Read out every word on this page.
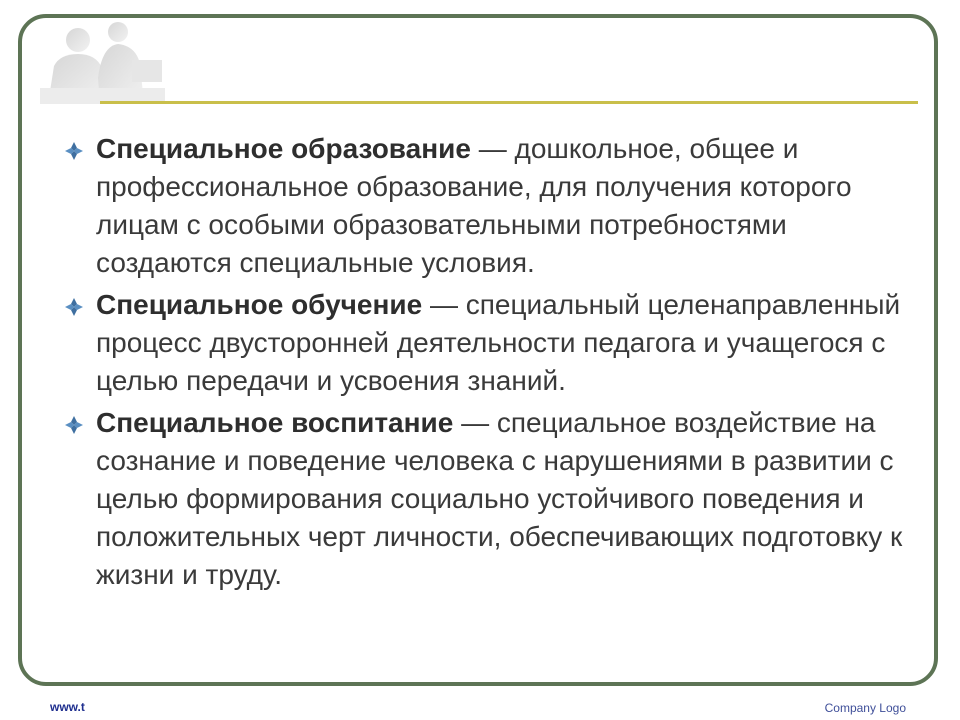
Специальное образование — дошкольное, общее и профессиональное образование, для получения которого лицам с особыми образовательными потребностями создаются специальные условия.
Специальное обучение — специальный целенаправленный процесс двусторонней деятельности педагога и учащегося с целью передачи и усвоения знаний.
Специальное воспитание — специальное воздействие на сознание и поведение человека с нарушениями в развитии с целью формирования социально устойчивого поведения и положительных черт личности, обеспечивающих подготовку к жизни и труду.
www.t	Company Logo
